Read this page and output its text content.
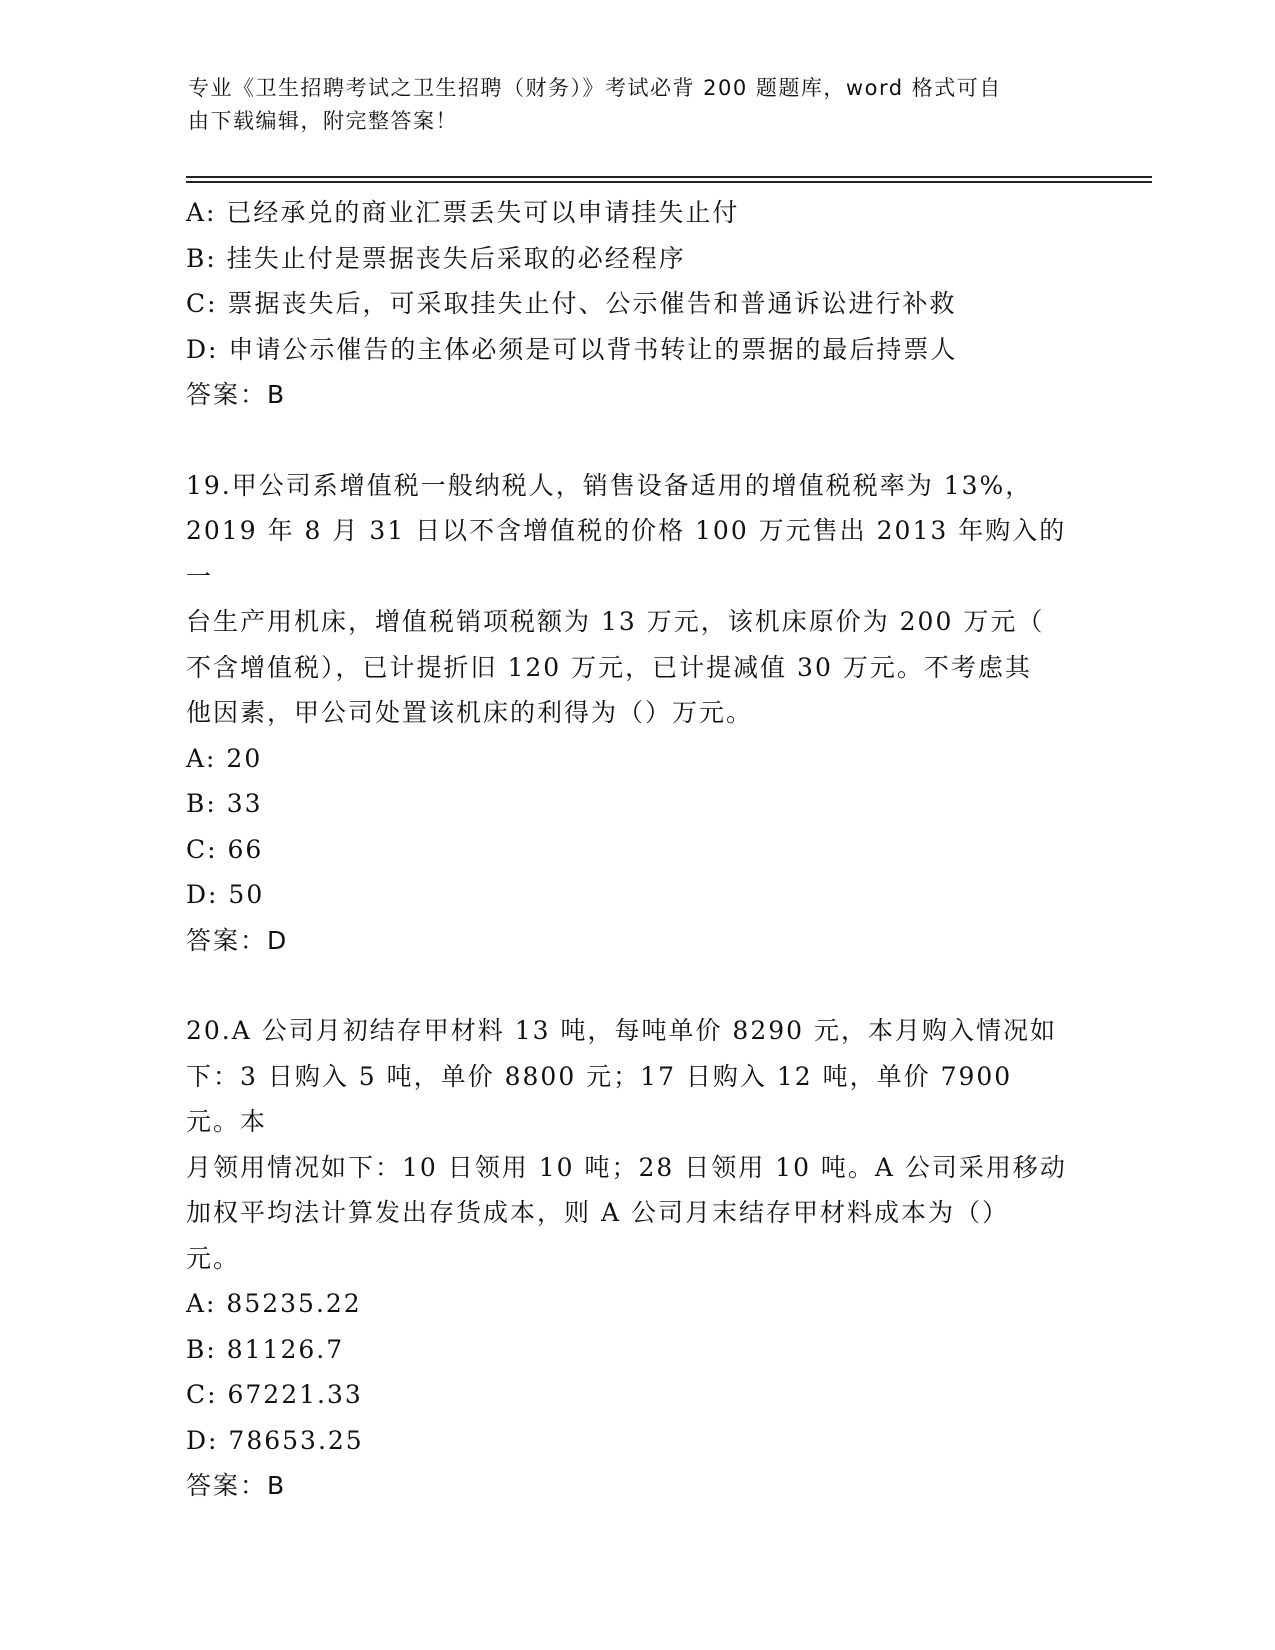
专业《卫生招聘考试之卫生招聘（财务）》考试必背 200 题题库，word 格式可自
由下载编辑，附完整答案！
A: 已经承兑的商业汇票丢失可以申请挂失止付
B: 挂失止付是票据丧失后采取的必经程序
C: 票据丧失后，可采取挂失止付、公示催告和普通诉讼进行补救
D: 申请公示催告的主体必须是可以背书转让的票据的最后持票人
答案：B
19.甲公司系增值税一般纳税人，销售设备适用的增值税税率为 13%，
2019 年 8 月 31 日以不含增值税的价格 100 万元售出 2013 年购入的一
台生产用机床，增值税销项税额为 13 万元，该机床原价为 200 万元（
不含增值税），已计提折旧 120 万元，已计提减值 30 万元。不考虑其
他因素，甲公司处置该机床的利得为（）万元。
A: 20
B: 33
C: 66
D: 50
答案：D
20.A 公司月初结存甲材料 13 吨，每吨单价 8290 元，本月购入情况如
下：3 日购入 5 吨，单价 8800 元；17 日购入 12 吨，单价 7900 元。本
月领用情况如下：10 日领用 10 吨；28 日领用 10 吨。A 公司采用移动
加权平均法计算发出存货成本，则 A 公司月末结存甲材料成本为（）
元。
A: 85235.22
B: 81126.7
C: 67221.33
D: 78653.25
答案：B
